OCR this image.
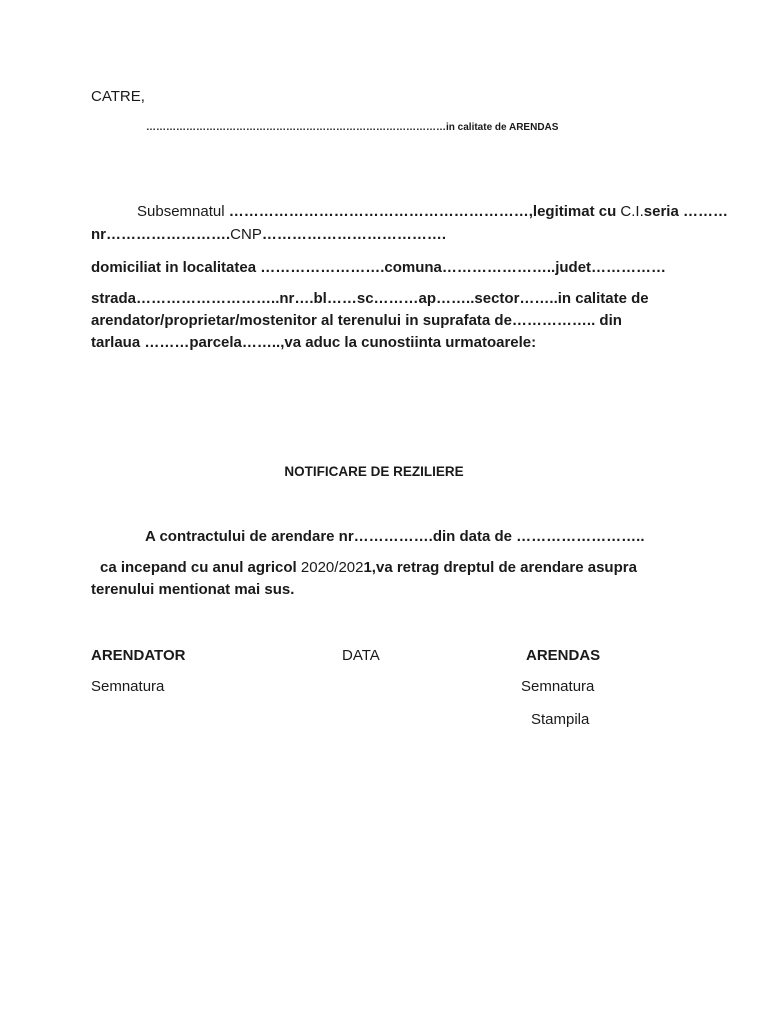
CATRE,
………………………………………………………………………………in calitate de ARENDAS
Subsemnatul ……………………………………………………,legitimat cu C.I.seria ………
nr…………………….CNP……………………………….
domiciliat in localitatea …………………….comuna…………………..judet……………
strada………………………..nr….bl……sc………ap……..sector……..in calitate de
arendator/proprietar/mostenitor al terenului in suprafata de…………….. din
tarlaua ………parcela……..,va aduc la cunostiinta urmatoarele:
NOTIFICARE DE REZILIERE
A contractului de arendare nr…………….din data de ……………………..
ca incepand cu anul agricol 2020/2021,va retrag dreptul de arendare asupra
terenului mentionat mai sus.
ARENDATOR	DATA	ARENDAS
Semnatura	Semnatura
Stampila
